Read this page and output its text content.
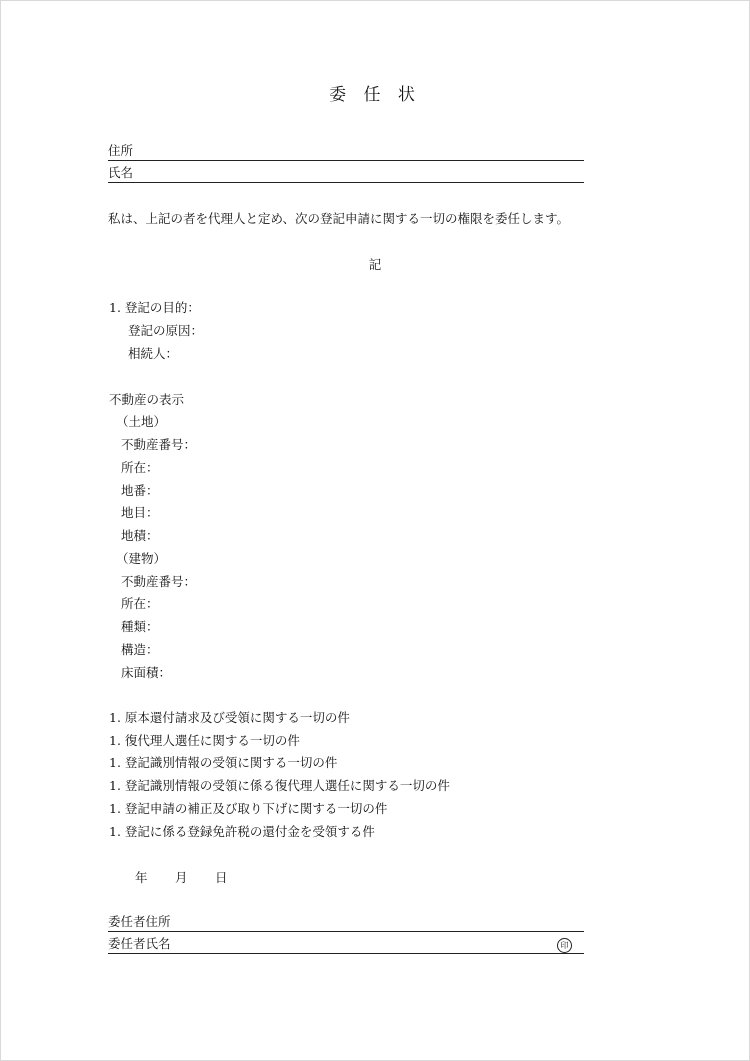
委 任 状
住所
氏名
私は、上記の者を代理人と定め、次の登記申請に関する一切の権限を委任します。
記
1. 登記の目的：
登記の原因：
相続人：
不動産の表示
（土地）
不動産番号：
所在：
地番：
地目：
地積：
（建物）
不動産番号：
所在：
種類：
構造：
床面積：
1. 原本還付請求及び受領に関する一切の件
1. 復代理人選任に関する一切の件
1. 登記識別情報の受領に関する一切の件
1. 登記識別情報の受領に係る復代理人選任に関する一切の件
1. 登記申請の補正及び取り下げに関する一切の件
1. 登記に係る登録免許税の還付金を受領する件
年 月 日
委任者住所
委任者氏名	印
